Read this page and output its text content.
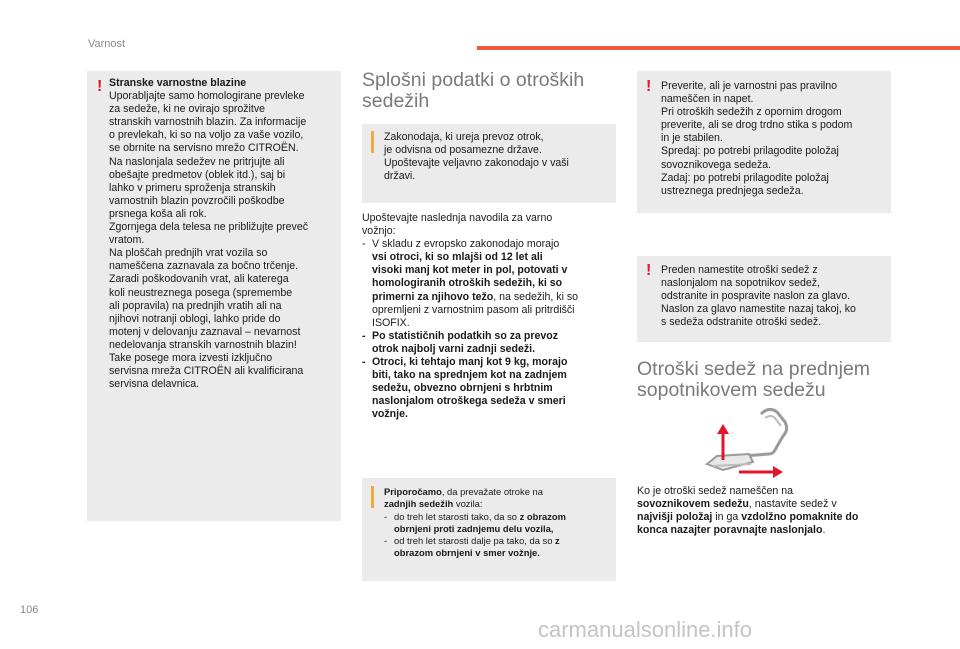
Varnost
! Stranske varnostne blazine

Uporabljajte samo homologirane prevleke

za sedeže, ki ne ovirajo sprožitve

stranskih varnostnih blazin. Za informacije

o prevlekah, ki so na voljo za vaše vozilo,

se obrnite na servisno mrežo CITROËN.

Na naslonjala sedežev ne pritrjujte ali

obešajte predmetov (oblek itd.), saj bi

lahko v primeru sproženja stranskih

varnostnih blazin povzročili poškodbe

prsnega koša ali rok.

Zgornjega dela telesa ne približujte preveč

vratom.

Na ploščah prednjih vrat vozila so

nameščena zaznavala za bočno trčenje.

Zaradi poškodovanih vrat, ali katerega

koli neustreznega posega (spremembe

ali popravila) na prednjih vratih ali na

njihovi notranji oblogi, lahko pride do

motenj v delovanju zaznaval – nevarnost

nedelovanja stranskih varnostnih blazin!

Take posege mora izvesti izključno

servisna mreža CITROËN ali kvalificirana

servisna delavnica.

Splošni podatki o otroških
sedežih

Zakonodaja, ki ureja prevoz otrok,

je odvisna od posamezne države.

Upoštevajte veljavno zakonodajo v vaši

državi.

Upoštevajte naslednja navodila za varno

vožnjo:

- V skladu z evropsko zakonodajo morajo
vsi otroci, ki so mlajši od 12 let ali
visoki manj kot meter in pol, potovati v
homologiranih otroških sedežih, ki so
primerni za njihovo težo, na sedežih, ki so
opremljeni z varnostnim pasom ali pritrdišči
ISOFIX.
- Po statističnih podatkih so za prevoz
otrok najbolj varni zadnji sedeži.
- Otroci, ki tehtajo manj kot 9 kg, morajo
biti, tako na sprednjem kot na zadnjem
sedežu, obvezno obrnjeni s hrbtnim
naslonjalom otroškega sedeža v smeri
vožnje.

Priporočamo, da prevažate otroke na

zadnjih sedežih vozila:

- do treh let starosti tako, da so z obrazom
obrnjeni proti zadnjemu delu vozila,
- od treh let starosti dalje pa tako, da so z
obrazom obrnjeni v smer vožnje.
! Preverite, ali je varnostni pas pravilno

nameščen in napet.

Pri otroških sedežih z opornim drogom

preverite, ali se drog trdno stika s podom

in je stabilen.

Spredaj: po potrebi prilagodite položaj

sovoznikovega sedeža.

Zadaj: po potrebi prilagodite položaj

ustreznega prednjega sedeža.

! Preden namestite otroški sedež z

naslonjalom na sopotnikov sedež,

odstranite in pospravite naslon za glavo.

Naslon za glavo namestite nazaj takoj, ko

s sedeža odstranite otroški sedež.

Otroški sedež na prednjem
sopotnikovem sedežu

Ko je otroški sedež nameščen na

sovoznikovem sedežu, nastavite sedež v

najvišji položaj in ga vzdolžno pomaknite do

konca nazajter poravnajte naslonjalo.

106
carmanualsonline.info
